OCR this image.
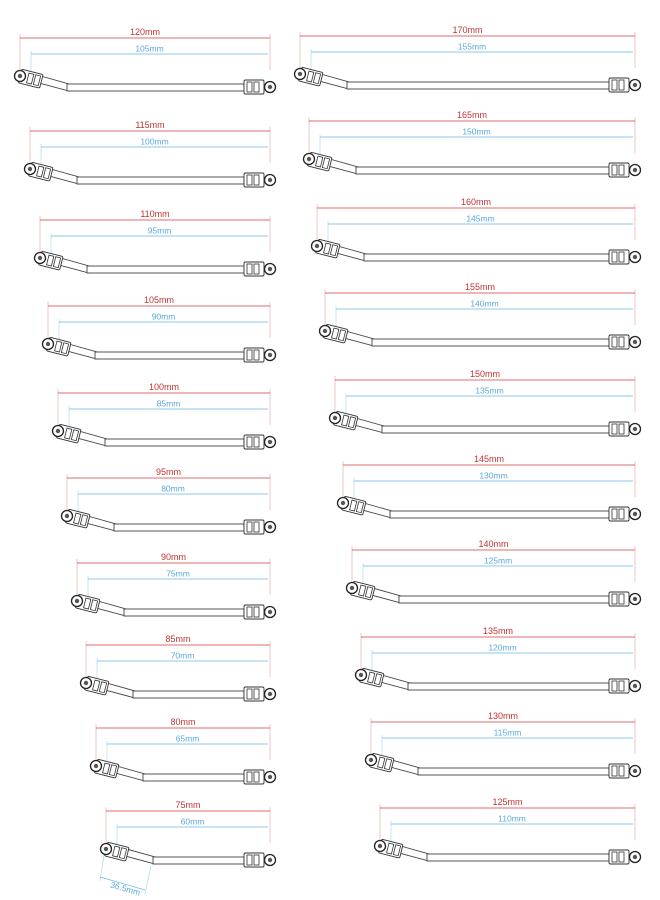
120mm
105mm
115mm
100mm
110mm
95mm
105mm
90mm
100mm
85mm
95mm
80mm
90mm
75mm
85mm
70mm
80mm
65mm
75mm
60mm
170mm
155mm
165mm
150mm
160mm
145mm
155mm
140mm
150mm
135mm
145mm
130mm
140mm
125mm
135mm
120mm
130mm
115mm
125mm
110mm
36.5mm
